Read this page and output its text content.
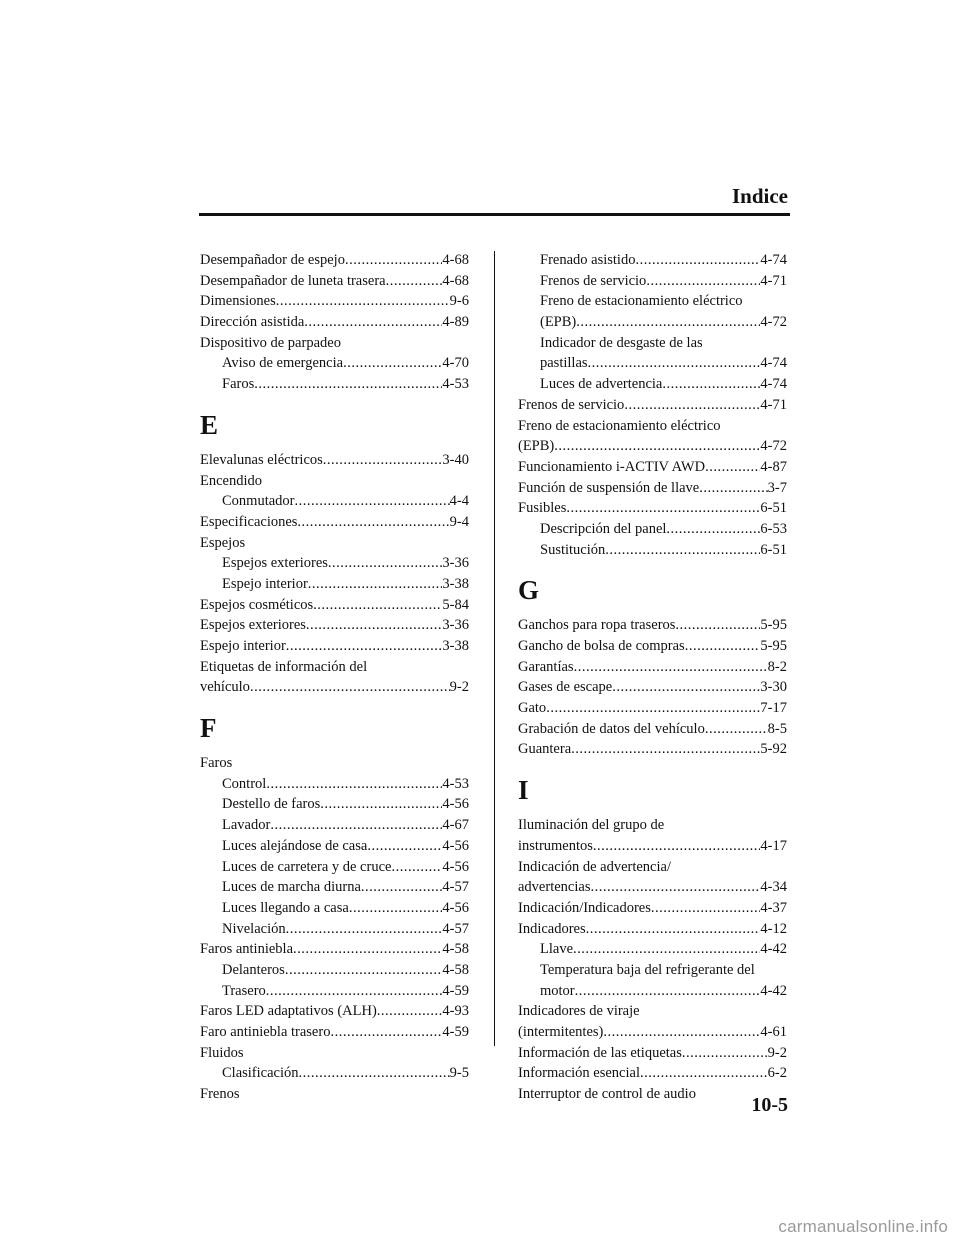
Indice
Desempañador de espejo .....	4-68
Desempañador de luneta trasera .....	4-68
Dimensiones .....	9-6
Dirección asistida .....	4-89
Dispositivo de parpadeo
Aviso de emergencia .....	4-70
Faros .....	4-53
E
Elevalunas eléctricos .....	3-40
Encendido
Conmutador .....	4-4
Especificaciones .....	9-4
Espejos
Espejos exteriores .....	3-36
Espejo interior .....	3-38
Espejos cosméticos .....	5-84
Espejos exteriores .....	3-36
Espejo interior .....	3-38
Etiquetas de información del
vehículo .....	9-2
F
Faros
Control .....	4-53
Destello de faros .....	4-56
Lavador .....	4-67
Luces alejándose de casa .....	4-56
Luces de carretera y de cruce .....	4-56
Luces de marcha diurna .....	4-57
Luces llegando a casa .....	4-56
Nivelación .....	4-57
Faros antiniebla .....	4-58
Delanteros .....	4-58
Trasero .....	4-59
Faros LED adaptativos (ALH) .....	4-93
Faro antiniebla trasero .....	4-59
Fluidos
Clasificación .....	9-5
Frenos
Frenado asistido .....	4-74
Frenos de servicio .....	4-71
Freno de estacionamiento eléctrico
(EPB) .....	4-72
Indicador de desgaste de las
pastillas .....	4-74
Luces de advertencia .....	4-74
Frenos de servicio .....	4-71
Freno de estacionamiento eléctrico
(EPB) .....	4-72
Funcionamiento i-ACTIV AWD .....	4-87
Función de suspensión de llave .....	3-7
Fusibles .....	6-51
Descripción del panel .....	6-53
Sustitución .....	6-51
G
Ganchos para ropa traseros .....	5-95
Gancho de bolsa de compras .....	5-95
Garantías .....	8-2
Gases de escape .....	3-30
Gato .....	7-17
Grabación de datos del vehículo .....	8-5
Guantera .....	5-92
I
Iluminación del grupo de
instrumentos .....	4-17
Indicación de advertencia/
advertencias .....	4-34
Indicación/Indicadores .....	4-37
Indicadores .....	4-12
Llave .....	4-42
Temperatura baja del refrigerante del
motor .....	4-42
Indicadores de viraje
(intermitentes) .....	4-61
Información de las etiquetas .....	9-2
Información esencial .....	6-2
Interruptor de control de audio	10-5
carmanualsonline.info
